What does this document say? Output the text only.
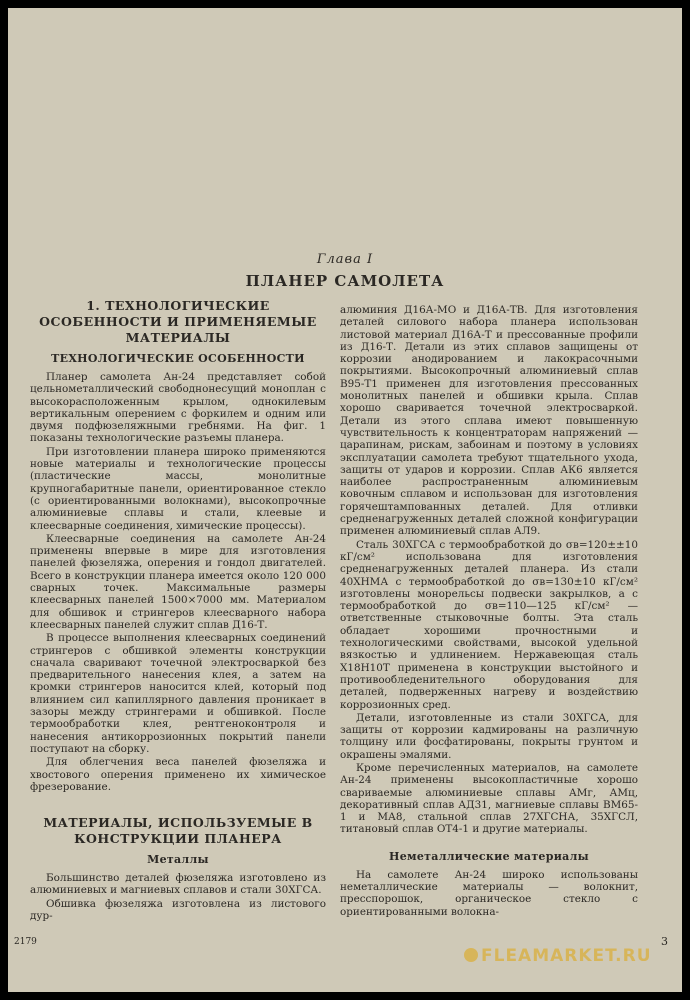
Глава I
ПЛАНЕР САМОЛЕТА
1. ТЕХНОЛОГИЧЕСКИЕ ОСОБЕННОСТИ И ПРИМЕНЯЕМЫЕ МАТЕРИАЛЫ
ТЕХНОЛОГИЧЕСКИЕ ОСОБЕННОСТИ

Планер самолета Ан-24 представляет собой цельнометаллический свободнонесущий моноплан с высокорасположенным крылом, однокилевым вертикальным оперением с форкилем и одним или двумя подфюзеляжными гребнями. На фиг. 1 показаны технологические разъемы планера.

При изготовлении планера широко применяются новые материалы и технологические процессы (пластические массы, монолитные крупногабаритные панели, ориентированное стекло (с ориентированными волокнами), высокопрочные алюминиевые сплавы и стали, клеевые и клеесварные соединения, химические процессы).

Клеесварные соединения на самолете Ан-24 применены впервые в мире для изготовления панелей фюзеляжа, оперения и гондол двигателей. Всего в конструкции планера имеется около 120 000 сварных точек. Максимальные размеры клеесварных панелей 1500×7000 мм. Материалом для обшивок и стрингеров клеесварного набора клеесварных панелей служит сплав Д16-Т.

В процессе выполнения клеесварных соединений стрингеров с обшивкой элементы конструкции сначала сваривают точечной электросваркой без предварительного нанесения клея, а затем на кромки стрингеров наносится клей, который под влиянием сил капиллярного давления проникает в зазоры между стрингерами и обшивкой. После термообработки клея, рентгеноконтроля и нанесения антикоррозионных покрытий панели поступают на сборку.

Для облегчения веса панелей фюзеляжа и хвостового оперения применено их химическое фрезерование.

МАТЕРИАЛЫ, ИСПОЛЬЗУЕМЫЕ В КОНСТРУКЦИИ ПЛАНЕРА
Металлы

Большинство деталей фюзеляжа изготовлено из алюминиевых и магниевых сплавов и стали 30ХГСА.

Обшивка фюзеляжа изготовлена из листового дур-

алюминия Д16А-МО и Д16А-ТВ. Для изготовления деталей силового набора планера использован листовой материал Д16А-Т и прессованные профили из Д16-Т. Детали из этих сплавов защищены от коррозии анодированием и лакокрасочными покрытиями. Высокопрочный алюминиевый сплав В95-Т1 применен для изготовления прессованных монолитных панелей и обшивки крыла. Сплав хорошо сваривается точечной электросваркой. Детали из этого сплава имеют повышенную чувствительность к концентраторам напряжений — царапинам, рискам, забоинам и поэтому в условиях эксплуатации самолета требуют тщательного ухода, защиты от ударов и коррозии. Сплав АК6 является наиболее распространенным алюминиевым ковочным сплавом и использован для изготовления горячештампованных деталей. Для отливки средненагруженных деталей сложной конфигурации применен алюминиевый сплав АЛ9.

Сталь 30ХГСА с термообработкой до σв=120±±10 кГ/см² использована для изготовления средненагруженных деталей планера. Из стали 40ХНМА с термообработкой до σв=130±10 кГ/см² изготовлены монорельсы подвески закрылков, а с термообработкой до σв=110—125 кГ/см² — ответственные стыковочные болты. Эта сталь обладает хорошими прочностными и технологическими свойствами, высокой удельной вязкостью и удлинением. Нержавеющая сталь Х18Н10Т применена в конструкции выстойного и противообледенительного оборудования для деталей, подверженных нагреву и воздействию коррозионных сред.

Детали, изготовленные из стали 30ХГСА, для защиты от коррозии кадмированы на различную толщину или фосфатированы, покрыты грунтом и окрашены эмалями.

Кроме перечисленных материалов, на самолете Ан-24 применены высокопластичные хорошо свариваемые алюминиевые сплавы АМг, АМц, декоративный сплав АД31, магниевые сплавы ВМ65-1 и МА8, стальной сплав 27ХГСНА, 35ХГСЛ, титановый сплав ОТ4-1 и другие материалы.

Неметаллические материалы

На самолете Ан-24 широко использованы неметаллические материалы — волокнит, пресспорошок, органическое стекло с ориентированными волокна-

2179	3
FLEAMARKET.RU
